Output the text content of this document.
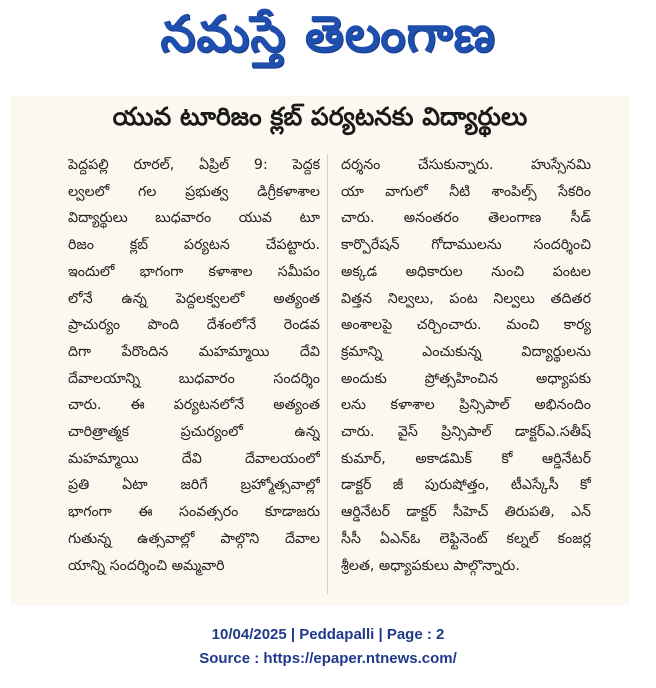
నమస్తే తెలంగాణ
యువ టూరిజం క్లబ్ పర్యటనకు విద్యార్థులు
పెద్దపల్లి రూరల్, ఏప్రిల్ 9: పెద్దక
ల్వలలో గల ప్రభుత్వ డిగ్రీకళాశాల
విద్యార్థులు బుధవారం యువ టూ
రిజం క్లబ్ పర్యటన చేపట్టారు.
ఇందులో భాగంగా కళాశాల సమీపం
లోనే ఉన్న పెద్దలక్వలలో అత్యంత
ప్రాచుర్యం పొంది దేశంలోనే రెండవ
దిగా పేరొందిన మహమ్మాయి దేవి
దేవాలయాన్ని బుధవారం సందర్శిం
చారు. ఈ పర్యటనలోనే అత్యంత
చారిత్రాత్మక ప్రచుర్యంలో ఉన్న
మహమ్మాయి దేవి దేవాలయంలో
ప్రతి ఏటా జరిగే బ్రహ్మోత్సవాల్లో
భాగంగా ఈ సంవత్సరం కూడాజరు
గుతున్న ఉత్సవాల్లో పాల్గొని దేవాల
యాన్ని సందర్శించి అమ్మవారి
దర్శనం చేసుకున్నారు. హుస్సేనమి
యా వాగులో నీటి శాంపిల్స్ సేకరిం
చారు. అనంతరం తెలంగాణ సీడ్
కార్పొరేషన్ గోదాములను సందర్శించి
అక్కడ అధికారుల నుంచి పంటల
విత్తన నిల్వలు, పంట నిల్వలు తదితర
అంశాలపై చర్చించారు. మంచి కార్య
క్రమాన్ని ఎంచుకున్న విద్యార్థులను
అందుకు ప్రోత్సహించిన అధ్యాపకు
లను కళాశాల ప్రిన్సిపాల్ అభినందిం
చారు. వైస్ ప్రిన్సిపాల్ డాక్టర్ఎ.సతీష్
కుమార్, అకాడమిక్ కో ఆర్డినేటర్
డాక్టర్ జీ పురుషోత్తం, టీఎస్కేసీ కో
ఆర్డినేటర్ డాక్టర్ సీహెచ్ తిరుపతి, ఎన్
సీసీ ఏఎన్ఓ లెఫ్టినెంట్ కల్నల్ కంజర్ల
శ్రీలత, అధ్యాపకులు పాల్గొన్నారు.
10/04/2025 | Peddapalli | Page : 2
Source : https://epaper.ntnews.com/
